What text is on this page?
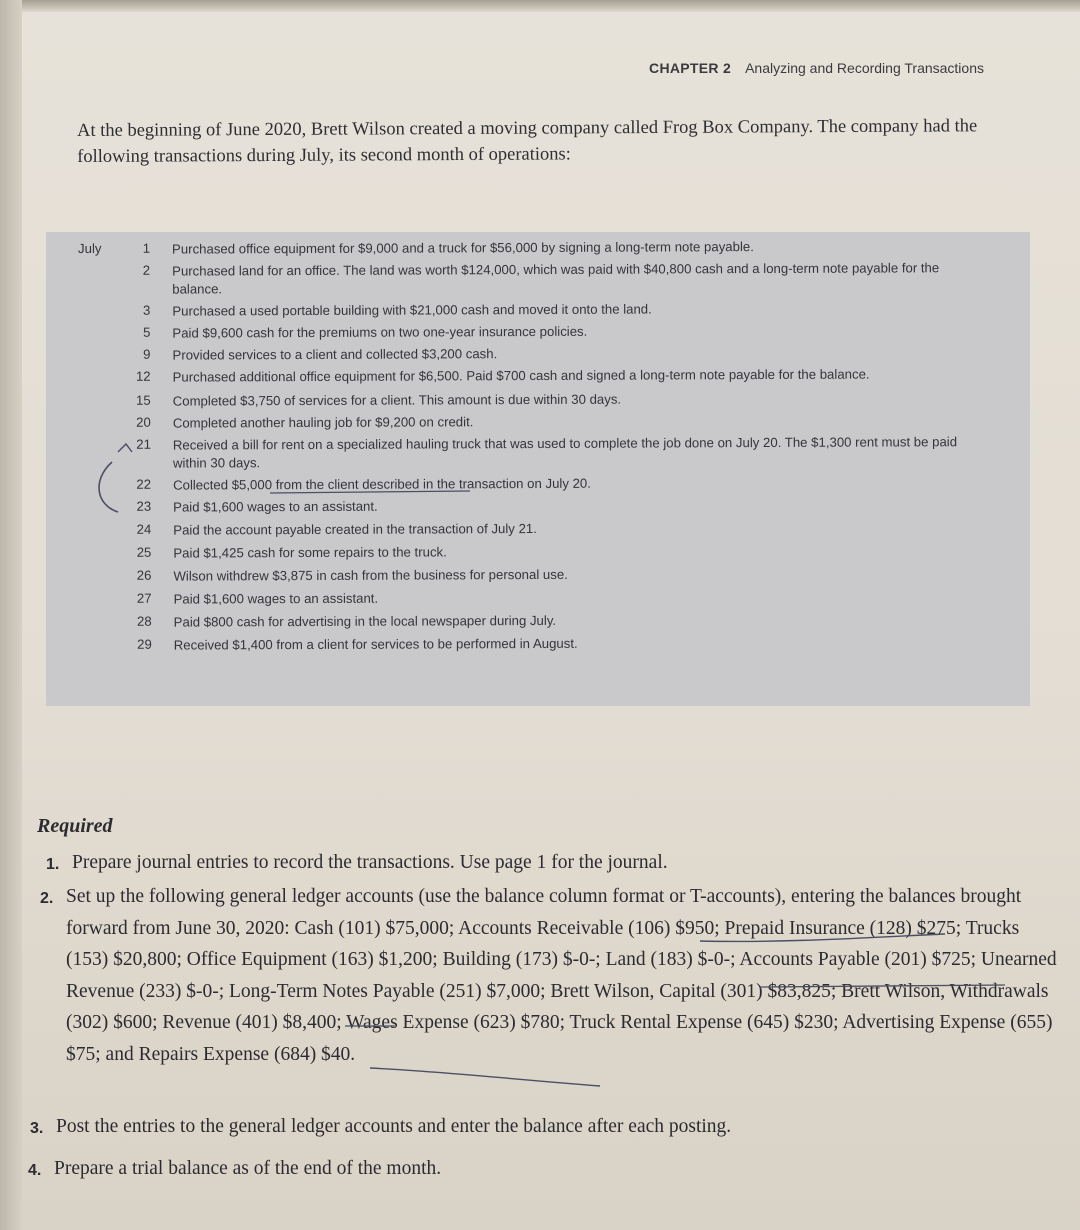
CHAPTER 2 Analyzing and Recording Transactions

At the beginning of June 2020, Brett Wilson created a moving company called Frog Box Company. The company had the following transactions during July, its second month of operations:

July	1	Purchased office equipment for $9,000 and a truck for $56,000 by signing a long-term note payable.
2	Purchased land for an office. The land was worth $124,000, which was paid with $40,800 cash and a long-term note payable for the balance.
3	Purchased a used portable building with $21,000 cash and moved it onto the land.
5	Paid $9,600 cash for the premiums on two one-year insurance policies.
9	Provided services to a client and collected $3,200 cash.
12	Purchased additional office equipment for $6,500. Paid $700 cash and signed a long-term note payable for the balance.
15	Completed $3,750 of services for a client. This amount is due within 30 days.
20	Completed another hauling job for $9,200 on credit.
21	Received a bill for rent on a specialized hauling truck that was used to complete the job done on July 20. The $1,300 rent must be paid within 30 days.
22	Collected $5,000 from the client described in the transaction on July 20.
23	Paid $1,600 wages to an assistant.
24	Paid the account payable created in the transaction of July 21.
25	Paid $1,425 cash for some repairs to the truck.
26	Wilson withdrew $3,875 in cash from the business for personal use.
27	Paid $1,600 wages to an assistant.
28	Paid $800 cash for advertising in the local newspaper during July.
29	Received $1,400 from a client for services to be performed in August.

Required

1. Prepare journal entries to record the transactions. Use page 1 for the journal.
2. Set up the following general ledger accounts (use the balance column format or T-accounts), entering the balances brought forward from June 30, 2020: Cash (101) $75,000; Accounts Receivable (106) $950; Prepaid Insurance (128) $275; Trucks (153) $20,800; Office Equipment (163) $1,200; Building (173) $-0-; Land (183) $-0-; Accounts Payable (201) $725; Unearned Revenue (233) $-0-; Long-Term Notes Payable (251) $7,000; Brett Wilson, Capital (301) $83,825; Brett Wilson, Withdrawals (302) $600; Revenue (401) $8,400; Wages Expense (623) $780; Truck Rental Expense (645) $230; Advertising Expense (655) $75; and Repairs Expense (684) $40.
3. Post the entries to the general ledger accounts and enter the balance after each posting.
4. Prepare a trial balance as of the end of the month.
